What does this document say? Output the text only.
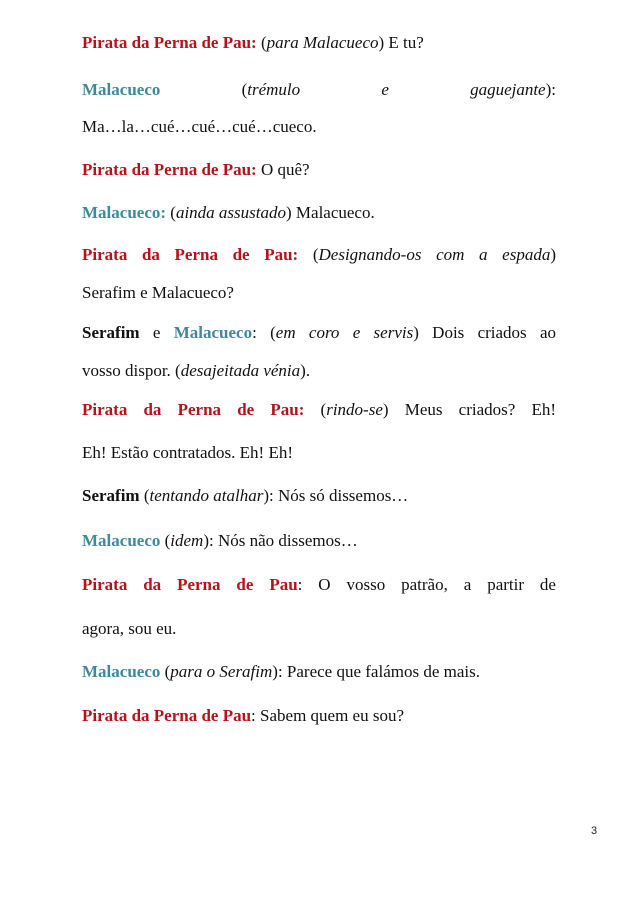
Pirata da Perna de Pau: (para Malacueco) E tu?

Malacueco (trémulo e gaguejante):

Ma…la…cué…cué…cué…cueco.

Pirata da Perna de Pau: O quê?

Malacueco: (ainda assustado) Malacueco.

Pirata da Perna de Pau: (Designando-os com a espada)

Serafim e Malacueco?

Serafim e Malacueco: (em coro e servis) Dois criados ao

vosso dispor. (desajeitada vénia).

Pirata da Perna de Pau: (rindo-se) Meus criados? Eh!

Eh! Estão contratados. Eh! Eh!

Serafim (tentando atalhar): Nós só dissemos…

Malacueco (idem): Nós não dissemos…

Pirata da Perna de Pau: O vosso patrão, a partir de

agora, sou eu.

Malacueco (para o Serafim): Parece que falámos de mais.

Pirata da Perna de Pau: Sabem quem eu sou?

3
